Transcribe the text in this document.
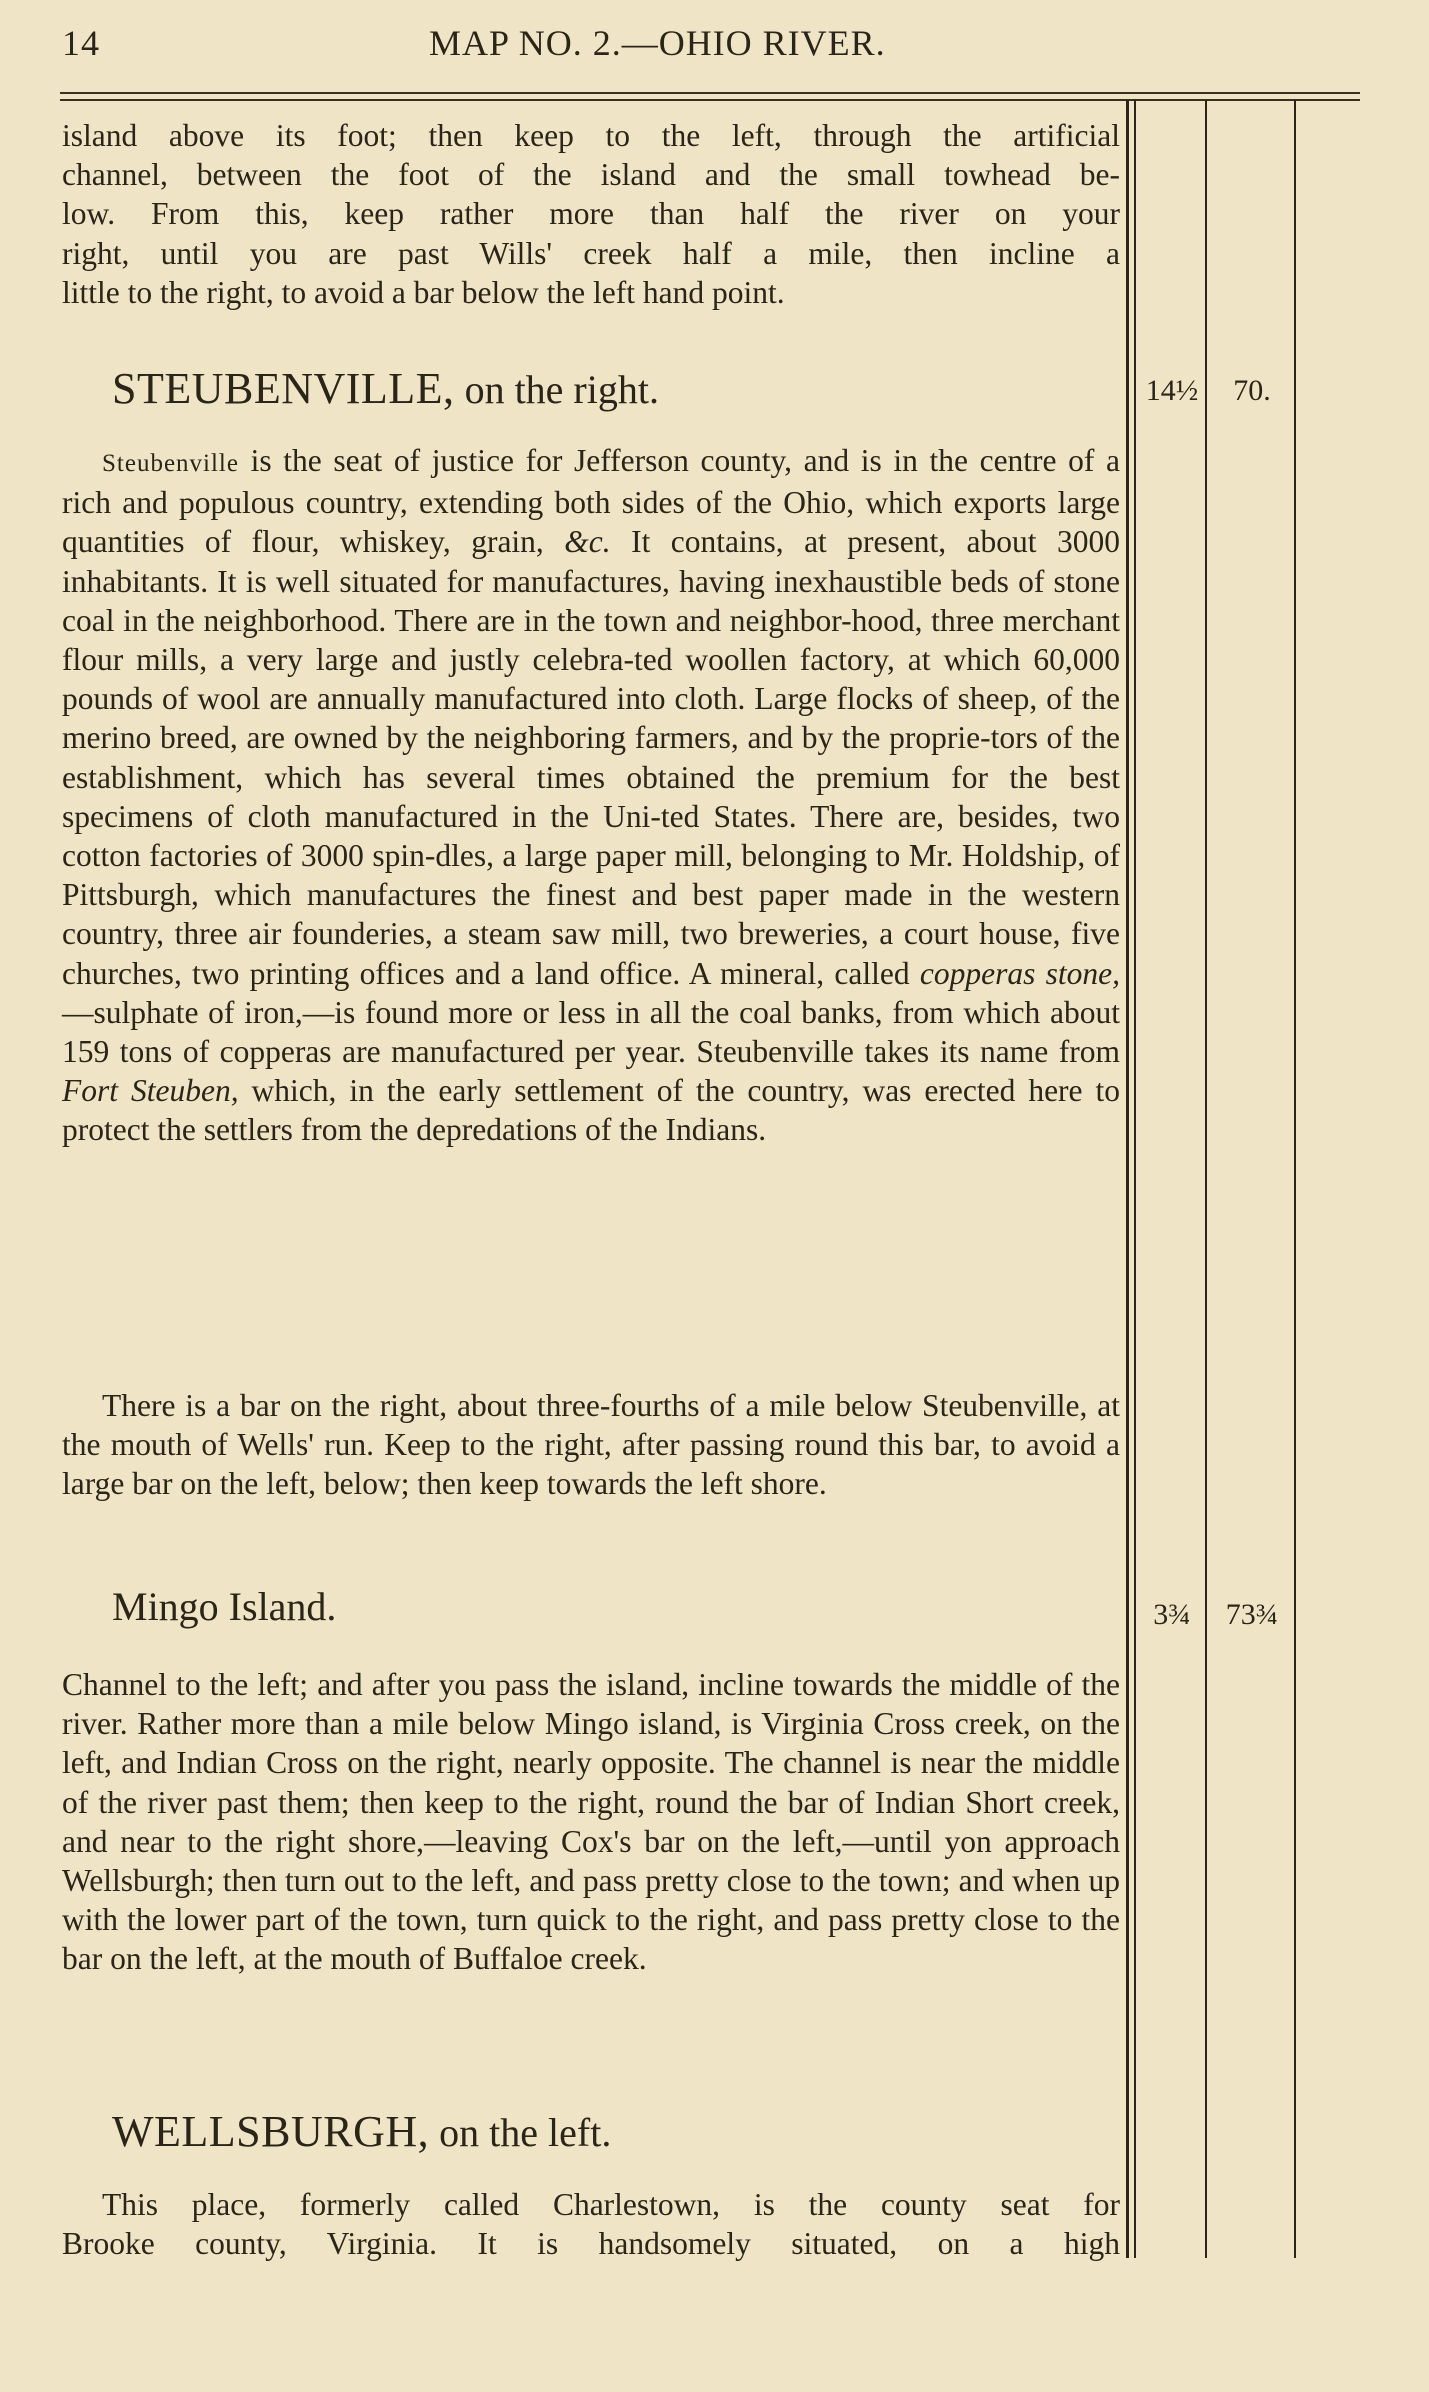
14	MAP NO. 2.—OHIO RIVER.
island above its foot; then keep to the left, through the artificial
channel, between the foot of the island and the small towhead be-
low. From this, keep rather more than half the river on your
right, until you are past Wills' creek half a mile, then incline a
little to the right, to avoid a bar below the left hand point.
STEUBENVILLE, on the right.	14½	70.

Steubenville is the seat of justice for Jefferson county, and is in the centre of a rich and populous country, extending both sides of the Ohio, which exports large quantities of flour, whiskey, grain, &c. It contains, at present, about 3000 inhabitants. It is well situated for manufactures, having inexhaustible beds of stone coal in the neighborhood. There are in the town and neighbor-hood, three merchant flour mills, a very large and justly celebra-ted woollen factory, at which 60,000 pounds of wool are annually manufactured into cloth. Large flocks of sheep, of the merino breed, are owned by the neighboring farmers, and by the proprie-tors of the establishment, which has several times obtained the premium for the best specimens of cloth manufactured in the Uni-ted States. There are, besides, two cotton factories of 3000 spin-dles, a large paper mill, belonging to Mr. Holdship, of Pittsburgh, which manufactures the finest and best paper made in the western country, three air founderies, a steam saw mill, two breweries, a court house, five churches, two printing offices and a land office. A mineral, called copperas stone,—sulphate of iron,—is found more or less in all the coal banks, from which about 159 tons of copperas are manufactured per year. Steubenville takes its name from Fort Steuben, which, in the early settlement of the country, was erected here to protect the settlers from the depredations of the Indians.

There is a bar on the right, about three-fourths of a mile below Steubenville, at the mouth of Wells' run. Keep to the right, after passing round this bar, to avoid a large bar on the left, below; then keep towards the left shore.

Mingo Island.	3¾	73¾

Channel to the left; and after you pass the island, incline towards the middle of the river. Rather more than a mile below Mingo island, is Virginia Cross creek, on the left, and Indian Cross on the right, nearly opposite. The channel is near the middle of the river past them; then keep to the right, round the bar of Indian Short creek, and near to the right shore,—leaving Cox's bar on the left,—until yon approach Wellsburgh; then turn out to the left, and pass pretty close to the town; and when up with the lower part of the town, turn quick to the right, and pass pretty close to the bar on the left, at the mouth of Buffaloe creek.

WELLSBURGH, on the left.
This place, formerly called Charlestown, is the county seat for
Brooke county, Virginia. It is handsomely situated, on a high
